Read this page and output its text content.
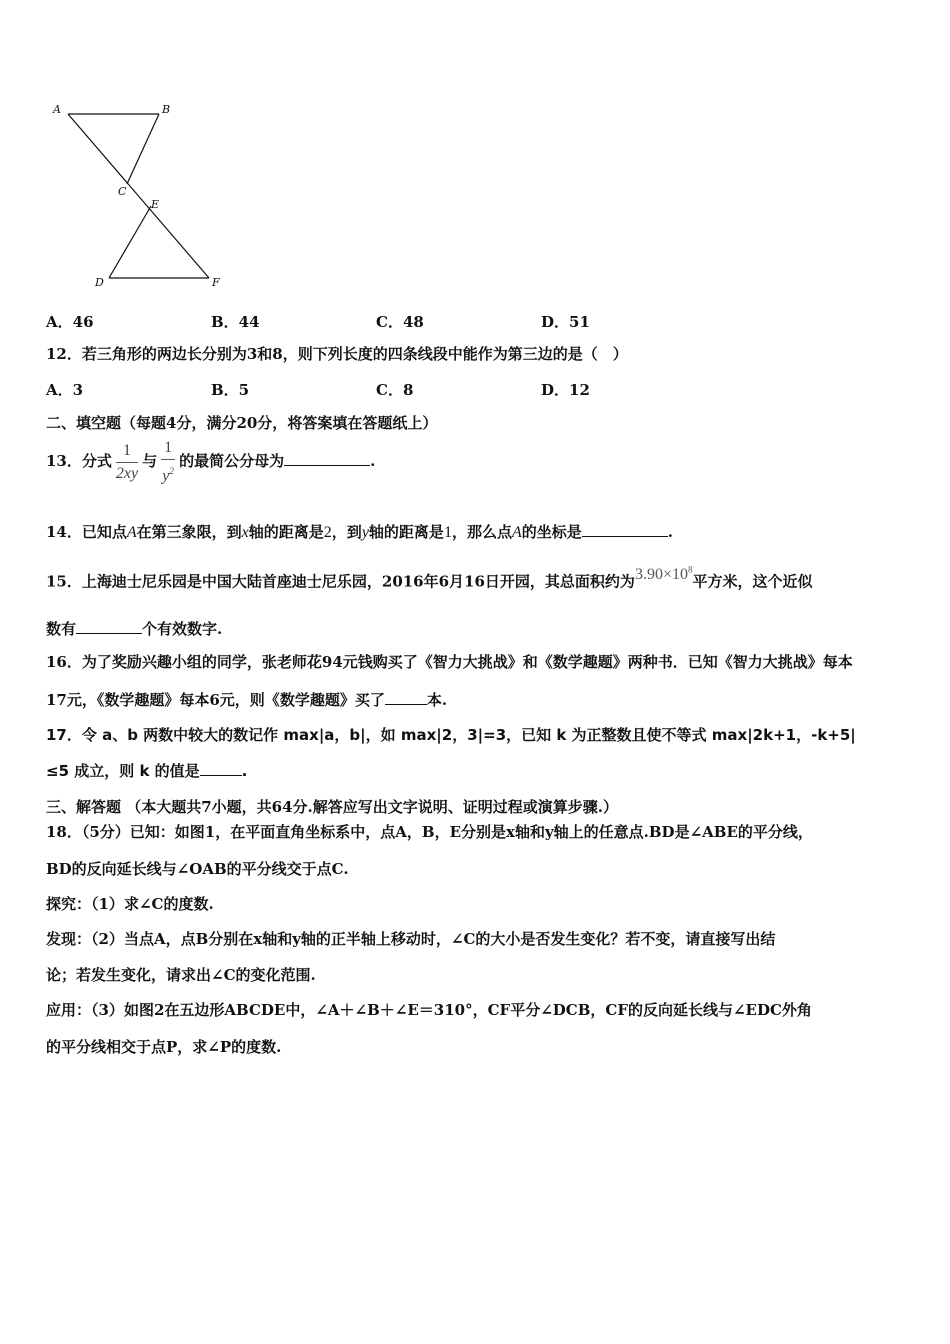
A	B
C
E
D	F
A．46	B．44	C．48	D．51
12．若三角形的两边长分别为3和8，则下列长度的四条线段中能作为第三边的是（　）
A．3	B．5	C．8	D．12
二、填空题（每题4分，满分20分，将答案填在答题纸上）
13．分式 $\frac{1}{2xy}$ 与 $\frac{1}{y^2}$ 的最简公分母为	.
14．已知点A在第三象限，到x轴的距离是2，到y轴的距离是1，那么点A的坐标是	.
15．上海迪士尼乐园是中国大陆首座迪士尼乐园，2016年6月16日开园，其总面积约为$3.90\times 10^8$平方米，这个近似
数有	个有效数字.
16．为了奖励兴趣小组的同学，张老师花94元钱购买了《智力大挑战》和《数学趣题》两种书．已知《智力大挑战》每本
17元，《数学趣题》每本6元，则《数学趣题》买了	本.
17．令 a、b 两数中较大的数记作 max|a，b|，如 max|2，3|=3，已知 k 为正整数且使不等式 max|2k+1，-k+5|
≤5 成立，则 k 的值是	.
三、解答题 （本大题共7小题，共64分.解答应写出文字说明、证明过程或演算步骤.）
18．（5分）已知：如图1，在平面直角坐标系中，点A，B，E分别是x轴和y轴上的任意点.BD是∠ABE的平分线，
BD的反向延长线与∠OAB的平分线交于点C.
探究：（1）求∠C的度数.
发现：（2）当点A，点B分别在x轴和y轴的正半轴上移动时，∠C的大小是否发生变化？若不变，请直接写出结
论；若发生变化，请求出∠C的变化范围.
应用：（3）如图2在五边形ABCDE中，∠A＋∠B＋∠E＝310°，CF平分∠DCB，CF的反向延长线与∠EDC外角
的平分线相交于点P，求∠P的度数.
